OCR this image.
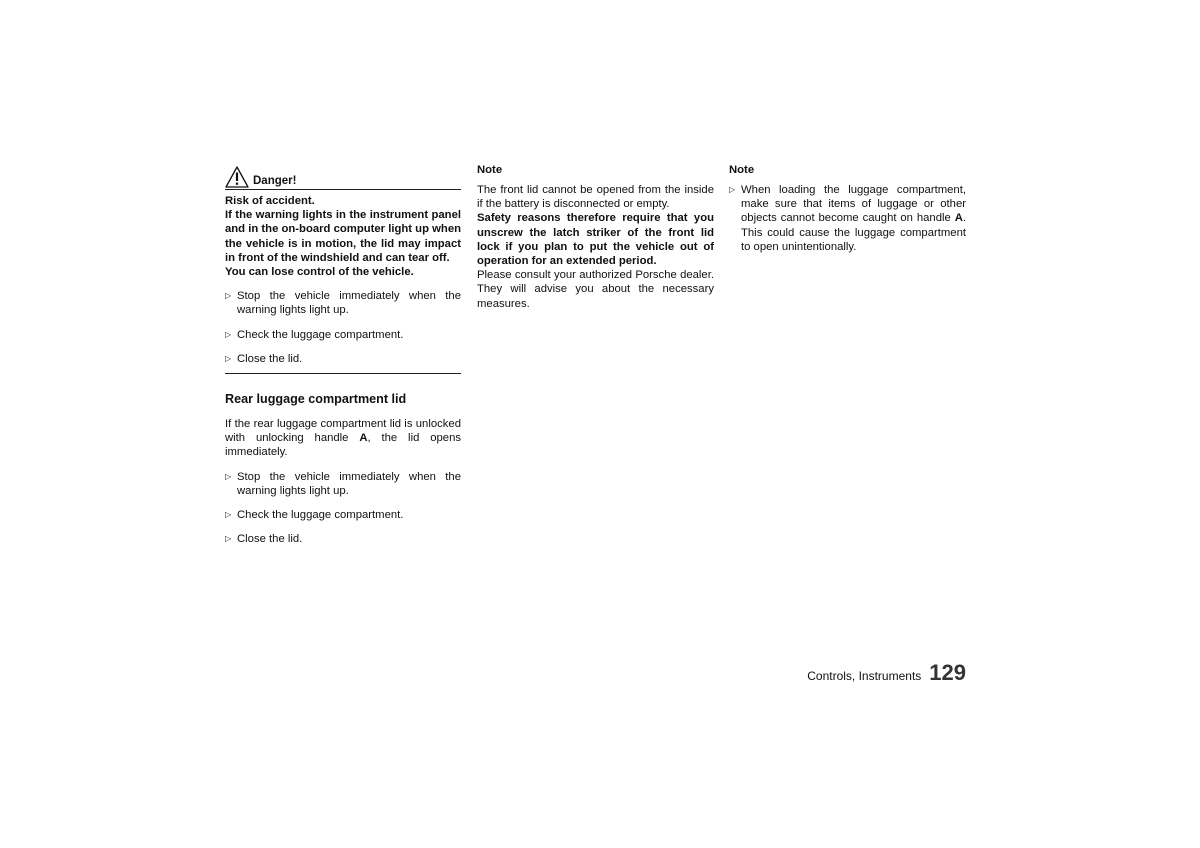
Danger!

Risk of accident.

If the warning lights in the instrument panel and in the on-board computer light up when the vehicle is in motion, the lid may impact in front of the windshield and can tear off.

You can lose control of the vehicle.

▷ Stop the vehicle immediately when the warning lights light up.
▷ Check the luggage compartment.
▷ Close the lid.
Rear luggage compartment lid

If the rear luggage compartment lid is unlocked with unlocking handle A, the lid opens immediately.

▷ Stop the vehicle immediately when the warning lights light up.
▷ Check the luggage compartment.
▷ Close the lid.
Note

The front lid cannot be opened from the inside if the battery is disconnected or empty.

Safety reasons therefore require that you unscrew the latch striker of the front lid lock if you plan to put the vehicle out of operation for an extended period.

Please consult your authorized Porsche dealer. They will advise you about the necessary measures.

Note
▷ When loading the luggage compartment, make sure that items of luggage or other objects cannot become caught on handle A. This could cause the luggage compartment to open unintentionally.
Controls, Instruments 129
